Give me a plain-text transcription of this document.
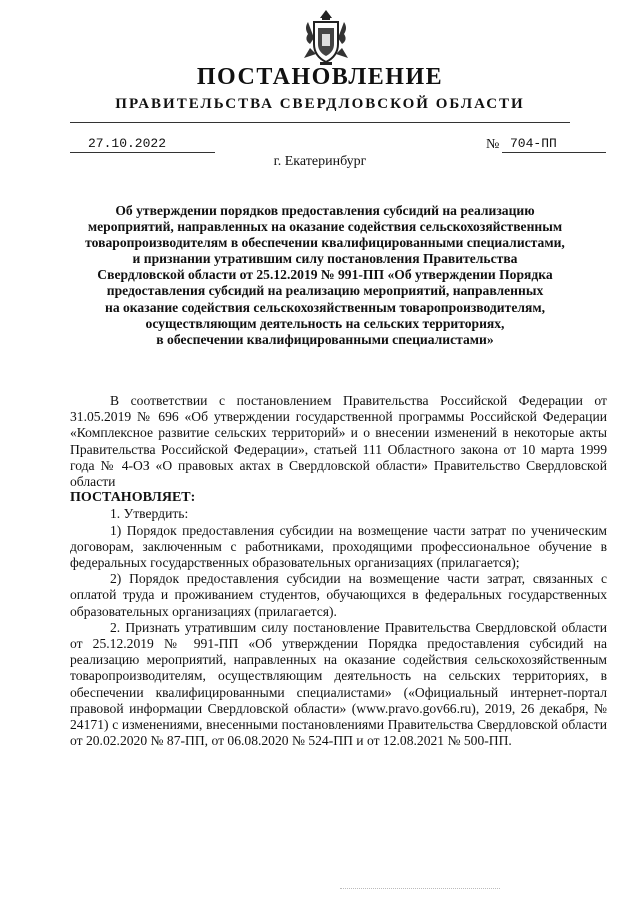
ПОСТАНОВЛЕНИЕ
ПРАВИТЕЛЬСТВА СВЕРДЛОВСКОЙ ОБЛАСТИ
27.10.2022	№ 704-ПП
г. Екатеринбург
Об утверждении порядков предоставления субсидий на реализацию
мероприятий, направленных на оказание содействия сельскохозяйственным
товаропроизводителям в обеспечении квалифицированными специалистами,
и признании утратившим силу постановления Правительства
Свердловской области от 25.12.2019 № 991-ПП «Об утверждении Порядка
предоставления субсидий на реализацию мероприятий, направленных
на оказание содействия сельскохозяйственным товаропроизводителям,
осуществляющим деятельность на сельских территориях,
в обеспечении квалифицированными специалистами»

В соответствии с постановлением Правительства Российской Федерации от 31.05.2019 № 696 «Об утверждении государственной программы Российской Федерации «Комплексное развитие сельских территорий» и о внесении изменений в некоторые акты Правительства Российской Федерации», статьей 111 Областного закона от 10 марта 1999 года № 4-ОЗ «О правовых актах в Свердловской области» Правительство Свердловской области

ПОСТАНОВЛЯЕТ:

1. Утвердить:

1) Порядок предоставления субсидии на возмещение части затрат по ученическим договорам, заключенным с работниками, проходящими профессиональное обучение в федеральных государственных образовательных организациях (прилагается);

2) Порядок предоставления субсидии на возмещение части затрат, связанных с оплатой труда и проживанием студентов, обучающихся в федеральных государственных образовательных организациях (прилагается).

2. Признать утратившим силу постановление Правительства Свердловской области от 25.12.2019 № 991-ПП «Об утверждении Порядка предоставления субсидий на реализацию мероприятий, направленных на оказание содействия сельскохозяйственным товаропроизводителям, осуществляющим деятельность на сельских территориях, в обеспечении квалифицированными специалистами» («Официальный интернет-портал правовой информации Свердловской области» (www.pravo.gov66.ru), 2019, 26 декабря, № 24171) с изменениями, внесенными постановлениями Правительства Свердловской области от 20.02.2020 № 87-ПП, от 06.08.2020 № 524-ПП и от 12.08.2021 № 500-ПП.
